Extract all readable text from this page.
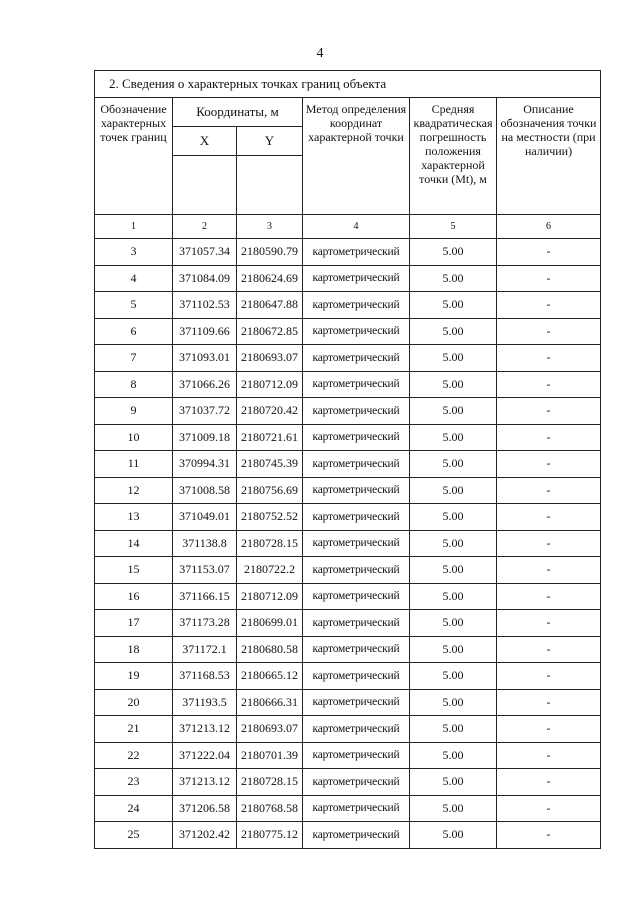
4
2. Сведения о характерных точках границ объекта					
Обозначение характерных точек границ	Координаты, м		Метод определения координат характерной точки	Средняя квадратическая погрешность положения характерной точки (Mt), м	Описание обозначения точки на местности (при наличии)
	X	Y			

1	2	3	4	5	6
3	371057.34	2180590.79	картометрический	5.00	-
4	371084.09	2180624.69	картометрический	5.00	-
5	371102.53	2180647.88	картометрический	5.00	-
6	371109.66	2180672.85	картометрический	5.00	-
7	371093.01	2180693.07	картометрический	5.00	-
8	371066.26	2180712.09	картометрический	5.00	-
9	371037.72	2180720.42	картометрический	5.00	-
10	371009.18	2180721.61	картометрический	5.00	-
11	370994.31	2180745.39	картометрический	5.00	-
12	371008.58	2180756.69	картометрический	5.00	-
13	371049.01	2180752.52	картометрический	5.00	-
14	371138.8	2180728.15	картометрический	5.00	-
15	371153.07	2180722.2	картометрический	5.00	-
16	371166.15	2180712.09	картометрический	5.00	-
17	371173.28	2180699.01	картометрический	5.00	-
18	371172.1	2180680.58	картометрический	5.00	-
19	371168.53	2180665.12	картометрический	5.00	-
20	371193.5	2180666.31	картометрический	5.00	-
21	371213.12	2180693.07	картометрический	5.00	-
22	371222.04	2180701.39	картометрический	5.00	-
23	371213.12	2180728.15	картометрический	5.00	-
24	371206.58	2180768.58	картометрический	5.00	-
25	371202.42	2180775.12	картометрический	5.00	-
